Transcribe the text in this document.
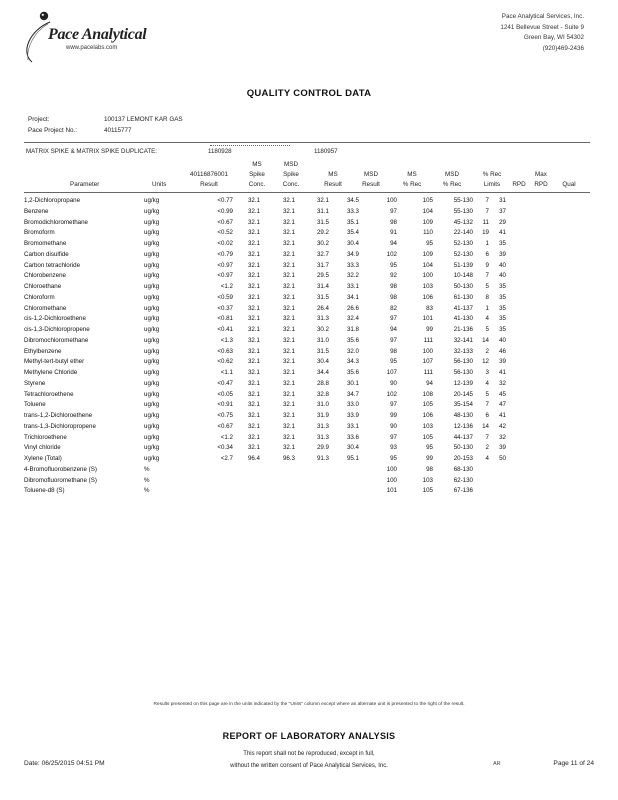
Pace Analytical
www.pacelabs.com
Pace Analytical Services, Inc.
1241 Bellevue Street - Suite 9
Green Bay, WI 54302
(920)469-2436
QUALITY CONTROL DATA
Project:
Pace Project No.:
100137 LEMONT KAR GAS
40115777
MATRIX SPIKE & MATRIX SPIKE DUPLICATE:	1180928	1180957
Parameter	Units
40116876001
Result
MS
Spike
Conc.
MSD
Spike
Conc.
MS
Result
MSD
Result
MS
% Rec
MSD
% Rec
% Rec
Limits	RPD
Max
RPD	Qual
1,2-Dichloropropane	ug/kg	<0.77	32.1	32.1	32.1	34.5	100	105	55-130	7	31	
Benzene	ug/kg	<0.99	32.1	32.1	31.1	33.3	97	104	55-130	7	37	
Bromodichloromethane	ug/kg	<0.67	32.1	32.1	31.5	35.1	98	109	45-132	11	29	
Bromoform	ug/kg	<0.52	32.1	32.1	29.2	35.4	91	110	22-140	19	41	
Bromomethane	ug/kg	<0.02	32.1	32.1	30.2	30.4	94	95	52-130	1	35	
Carbon disulfide	ug/kg	<0.79	32.1	32.1	32.7	34.9	102	109	52-130	6	39	
Carbon tetrachloride	ug/kg	<0.97	32.1	32.1	31.7	33.3	95	104	51-139	9	40	
Chlorobenzene	ug/kg	<0.97	32.1	32.1	29.5	32.2	92	100	10-148	7	40	
Chloroethane	ug/kg	<1.2	32.1	32.1	31.4	33.1	98	103	50-130	5	35	
Chloroform	ug/kg	<0.59	32.1	32.1	31.5	34.1	98	106	61-130	8	35	
Chloromethane	ug/kg	<0.37	32.1	32.1	26.4	26.6	82	83	41-137	1	35	
cis-1,2-Dichloroethene	ug/kg	<0.81	32.1	32.1	31.3	32.4	97	101	41-130	4	35	
cis-1,3-Dichloropropene	ug/kg	<0.41	32.1	32.1	30.2	31.8	94	99	21-136	5	35	
Dibromochloromethane	ug/kg	<1.3	32.1	32.1	31.0	35.6	97	111	32-141	14	40	
Ethylbenzene	ug/kg	<0.63	32.1	32.1	31.5	32.0	98	100	32-133	2	46	
Methyl-tert-butyl ether	ug/kg	<0.62	32.1	32.1	30.4	34.3	95	107	56-130	12	39	
Methylene Chloride	ug/kg	<1.1	32.1	32.1	34.4	35.6	107	111	56-130	3	41	
Styrene	ug/kg	<0.47	32.1	32.1	28.8	30.1	90	94	12-139	4	32	
Tetrachloroethene	ug/kg	<0.05	32.1	32.1	32.8	34.7	102	108	20-145	5	45	
Toluene	ug/kg	<0.91	32.1	32.1	31.0	33.0	97	105	35-154	7	47	
trans-1,2-Dichloroethene	ug/kg	<0.75	32.1	32.1	31.9	33.9	99	106	48-130	6	41	
trans-1,3-Dichloropropene	ug/kg	<0.67	32.1	32.1	31.3	33.1	90	103	12-136	14	42	
Trichloroethene	ug/kg	<1.2	32.1	32.1	31.3	33.6	97	105	44-137	7	32	
Vinyl chloride	ug/kg	<0.34	32.1	32.1	29.9	30.4	93	95	50-130	2	39	
Xylene (Total)	ug/kg	<2.7	96.4	96.3	91.3	95.1	95	99	20-153	4	50	
4-Bromofluorobenzene (S)	%						100	98	68-130			
Dibromofluoromethane (S)	%						100	103	62-130			
Toluene-d8 (S)	%						101	105	67-136			
Results presented on this page are in the units indicated by the "Units" column except where an alternate unit is presented to the right of the result.
REPORT OF LABORATORY ANALYSIS
This report shall not be reproduced, except in full,
without the written consent of Pace Analytical Services, Inc.
Date: 06/25/2015 04:51 PM	AR	Page 11 of 24
